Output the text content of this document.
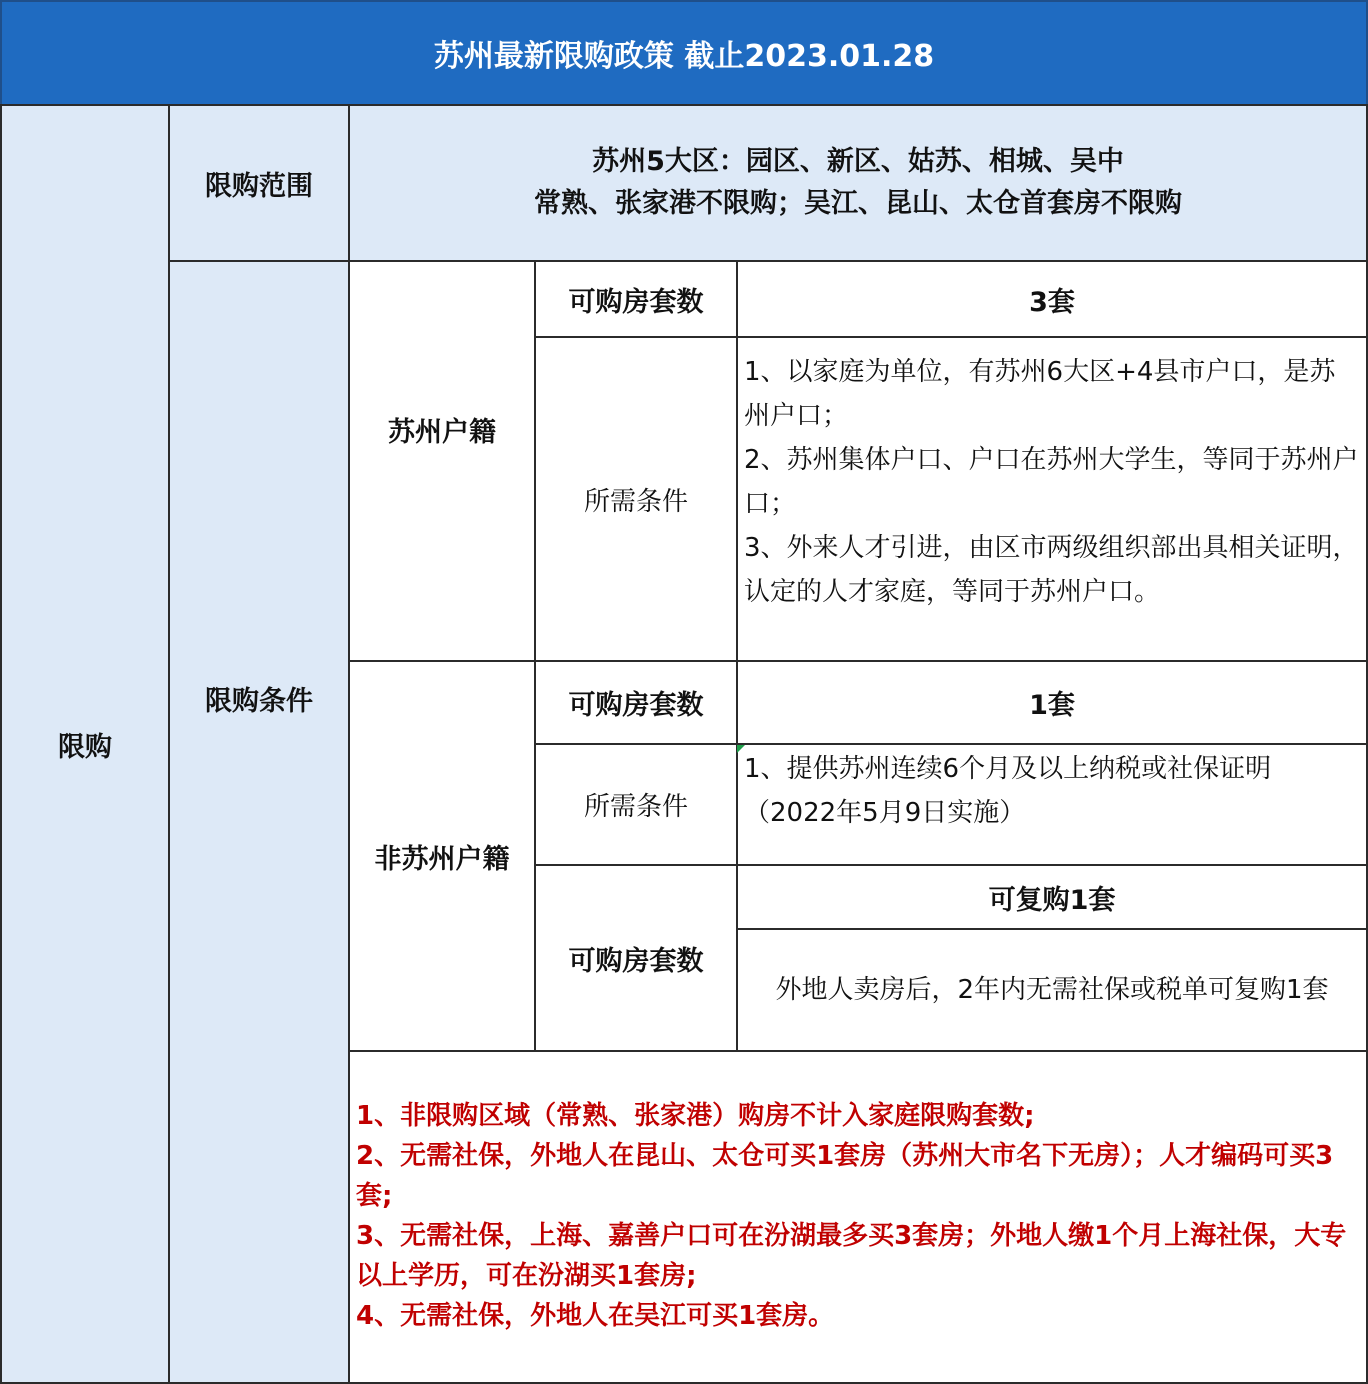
苏州最新限购政策 截止2023.01.28
限购
限购范围
苏州5大区：园区、新区、姑苏、相城、吴中
常熟、张家港不限购；吴江、昆山、太仓首套房不限购
限购条件
苏州户籍
可购房套数	3套
所需条件
1、以家庭为单位，有苏州6大区+4县市户口，是苏州户口；
2、苏州集体户口、户口在苏州大学生，等同于苏州户口；
3、外来人才引进，由区市两级组织部出具相关证明，认定的人才家庭，等同于苏州户口。
非苏州户籍
可购房套数	1套
所需条件
1、提供苏州连续6个月及以上纳税或社保证明（2022年5月9日实施）
可购房套数
可复购1套
外地人卖房后，2年内无需社保或税单可复购1套
1、非限购区域（常熟、张家港）购房不计入家庭限购套数;
2、无需社保，外地人在昆山、太仓可买1套房（苏州大市名下无房）；人才编码可买3套;
3、无需社保，上海、嘉善户口可在汾湖最多买3套房；外地人缴1个月上海社保，大专以上学历，可在汾湖买1套房;
4、无需社保，外地人在吴江可买1套房。
